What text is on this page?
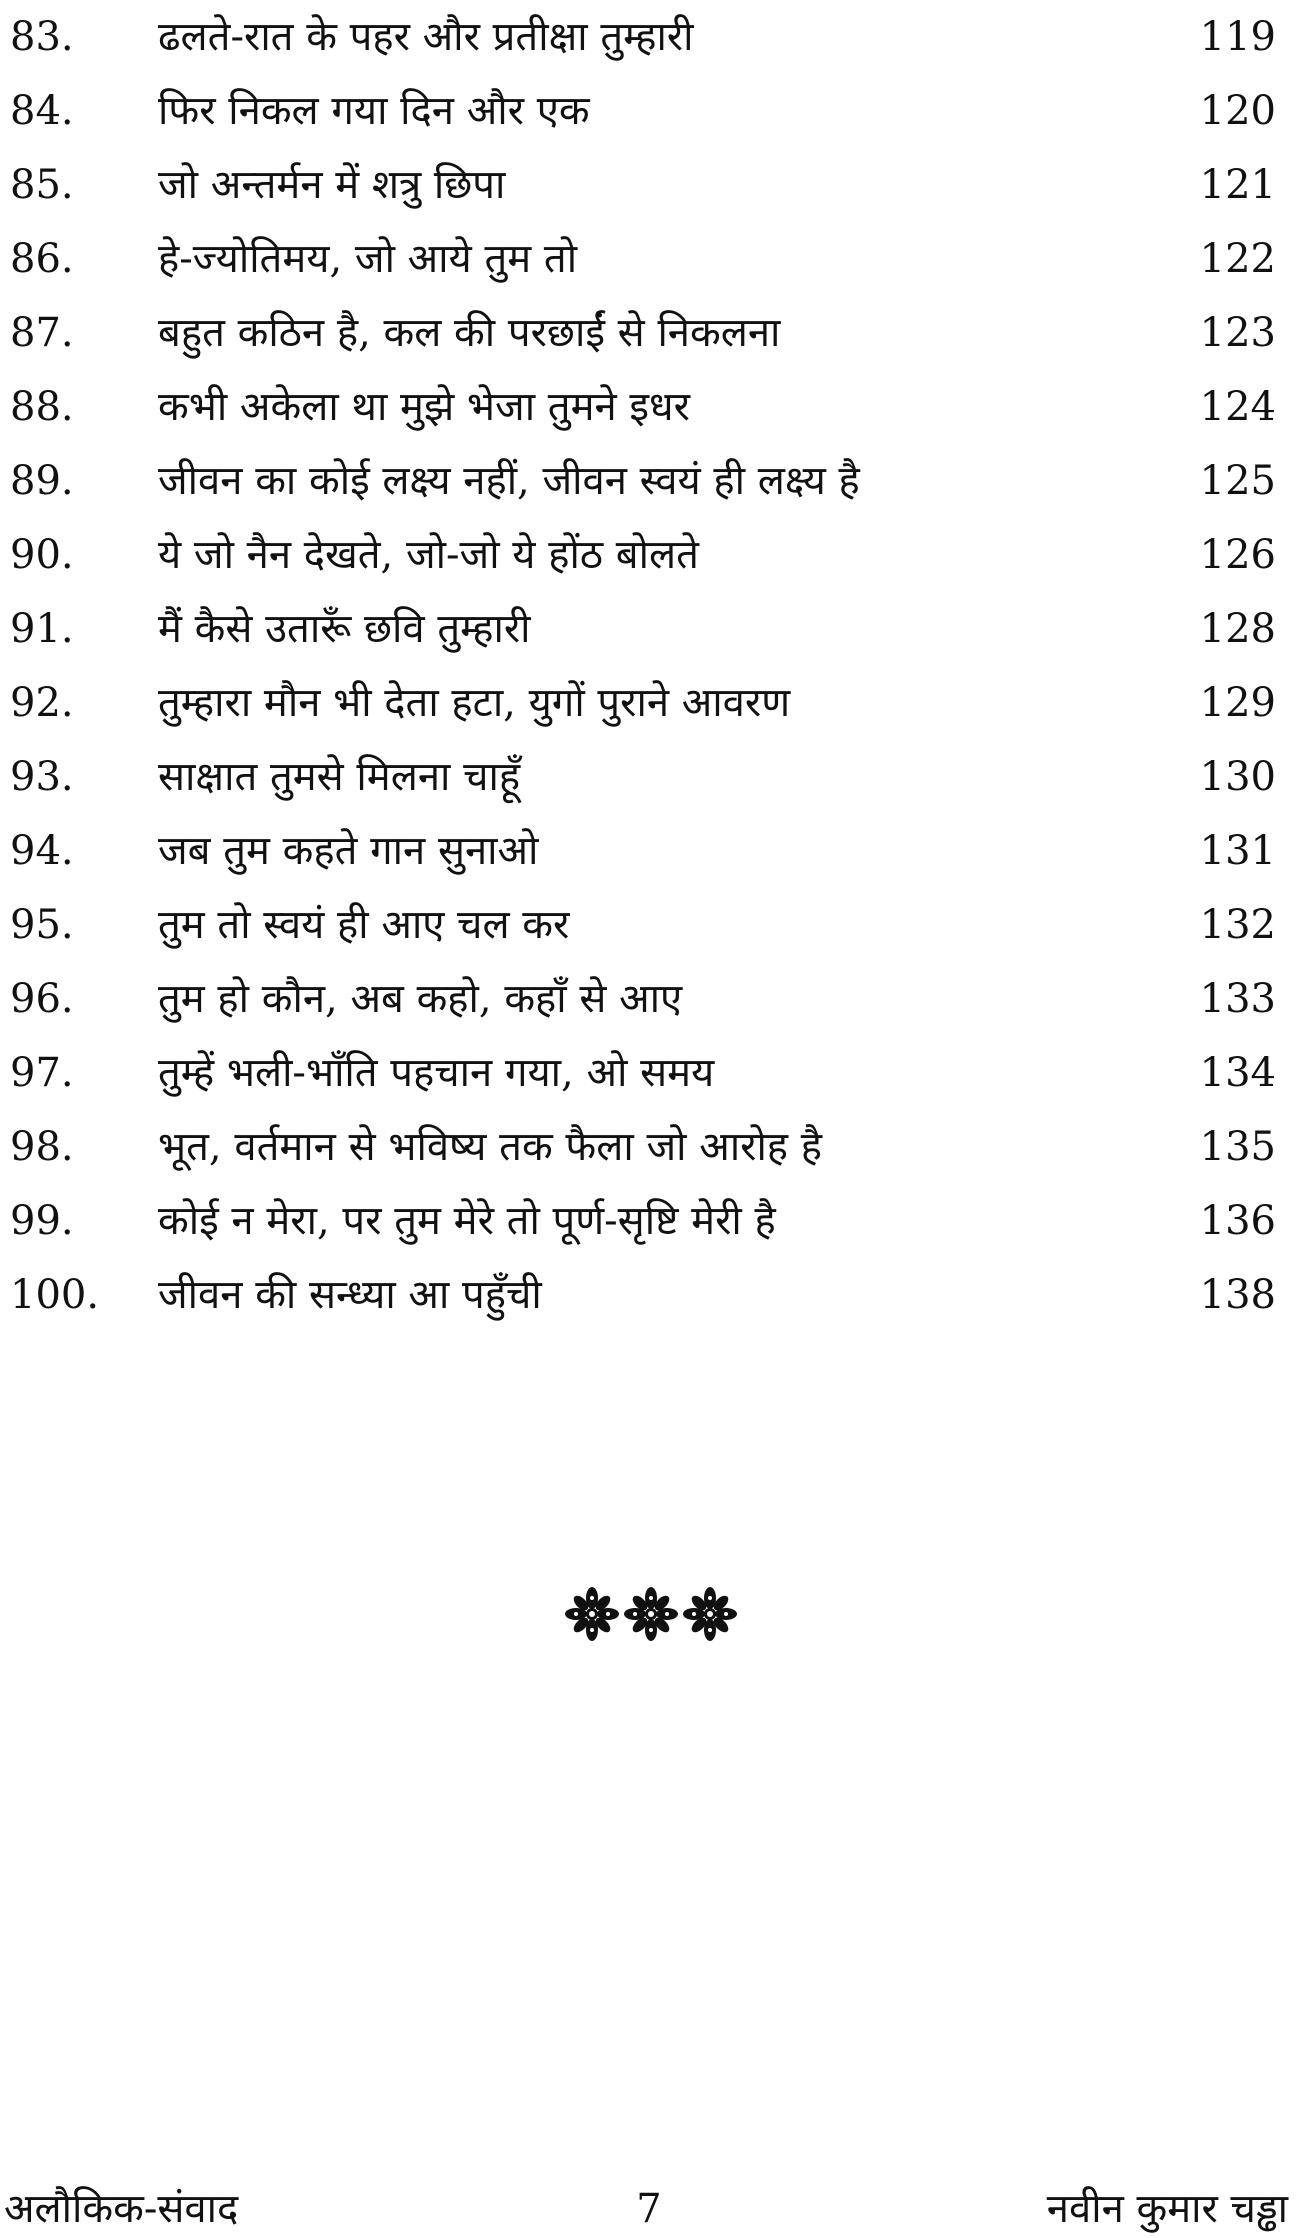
83. ढलते-रात के पहर और प्रतीक्षा तुम्हारी	119
84. फिर निकल गया दिन और एक	120
85. जो अन्तर्मन में शत्रु छिपा	121
86. हे-ज्योतिमय, जो आये तुम तो	122
87. बहुत कठिन है, कल की परछाईं से निकलना	123
88. कभी अकेला था मुझे भेजा तुमने इधर	124
89. जीवन का कोई लक्ष्य नहीं, जीवन स्वयं ही लक्ष्य है	125
90. ये जो नैन देखते, जो-जो ये होंठ बोलते	126
91. मैं कैसे उतारूँ छवि तुम्हारी	128
92. तुम्हारा मौन भी देता हटा, युगों पुराने आवरण	129
93. साक्षात तुमसे मिलना चाहूँ	130
94. जब तुम कहते गान सुनाओ	131
95. तुम तो स्वयं ही आए चल कर	132
96. तुम हो कौन, अब कहो, कहाँ से आए	133
97. तुम्हें भली-भाँति पहचान गया, ओ समय	134
98. भूत, वर्तमान से भविष्य तक फैला जो आरोह है	135
99. कोई न मेरा, पर तुम मेरे तो पूर्ण-सृष्टि मेरी है	136
100. जीवन की सन्ध्या आ पहुँची	138
अलौकिक-संवाद	7	नवीन कुमार चड्ढा
